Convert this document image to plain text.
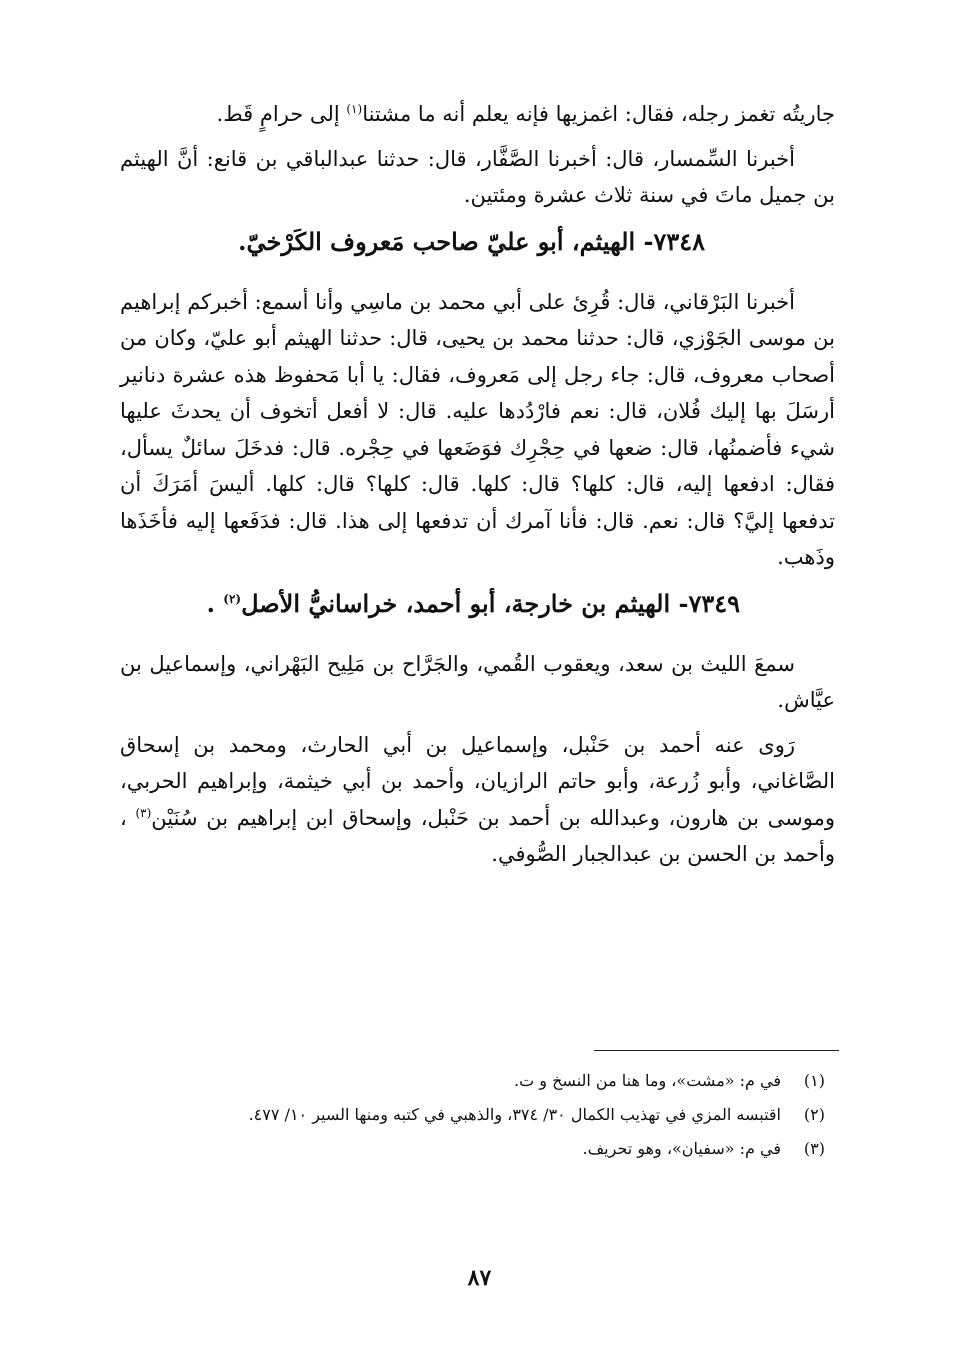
جاريتُه تغمز رجله، فقال: اغمزيها فإنه يعلم أنه ما مشتنا$^{(١)}$ إلى حرامٍ قَط.

أخبرنا السِّمسار، قال: أخبرنا الصَّفَّار، قال: حدثنا عبدالباقي بن قانع: أنَّ الهيثم بن جميل ماتَ في سنة ثلاث عشرة ومئتين.

٧٣٤٨- الهيثم، أبو عليّ صاحب مَعروف الكَرْخيّ.

أخبرنا البَرْقاني، قال: قُرِئ على أبي محمد بن ماسِي وأنا أسمع: أخبركم إبراهيم بن موسى الجَوْزي، قال: حدثنا محمد بن يحيى، قال: حدثنا الهيثم أبو عليّ، وكان من أصحاب معروف، قال: جاء رجل إلى مَعروف، فقال: يا أبا مَحفوظ هذه عشرة دنانير أرسَلَ بها إليك فُلان، قال: نعم فارْدُدها عليه. قال: لا أفعل أتخوف أن يحدثَ عليها شيء فأضمنُها، قال: ضعها في حِجْرِك فوَضَعها في حِجْره. قال: فدخَلَ سائلٌ يسأل، فقال: ادفعها إليه، قال: كلها؟ قال: كلها. قال: كلها؟ قال: كلها. أليسَ أمَرَكَ أن تدفعها إليَّ؟ قال: نعم. قال: فأنا آمرك أن تدفعها إلى هذا. قال: فدَفَعها إليه فأخَذَها وذَهب.

٧٣٤٩- الهيثم بن خارجة، أبو أحمد، خراسانيُّ الأصل$^{(٢)}$ .

سمعَ الليث بن سعد، ويعقوب القُمي، والجَرَّاح بن مَلِيح البَهْراني، وإسماعيل بن عيَّاش.

رَوى عنه أحمد بن حَنْبل، وإسماعيل بن أبي الحارث، ومحمد بن إسحاق الصَّاغاني، وأبو زُرعة، وأبو حاتم الرازيان، وأحمد بن أبي خيثمة، وإبراهيم الحربي، وموسى بن هارون، وعبدالله بن أحمد بن حَنْبل، وإسحاق ابن إبراهيم بن سُنَيْن$^{(٣)}$ ، وأحمد بن الحسن بن عبدالجبار الصُّوفي.

(١)
في م: «مشت»، وما هنا من النسخ و ت.
(٢)
اقتبسه المزي في تهذيب الكمال ٣٠/ ٣٧٤، والذهبي في كتبه ومنها السير ١٠/ ٤٧٧.
(٣)
في م: «سفيان»، وهو تحريف.
٨٧
